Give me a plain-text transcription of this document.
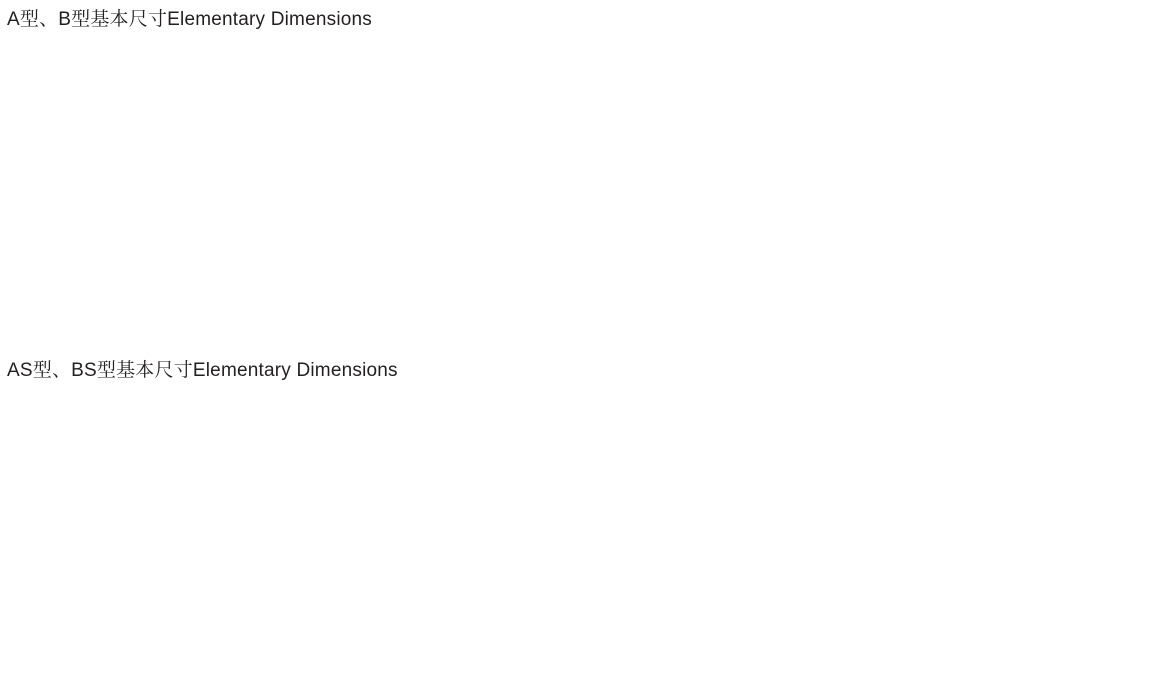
A型、B型基本尺寸Elementary Dimensions
AS型、BS型基本尺寸Elementary Dimensions
